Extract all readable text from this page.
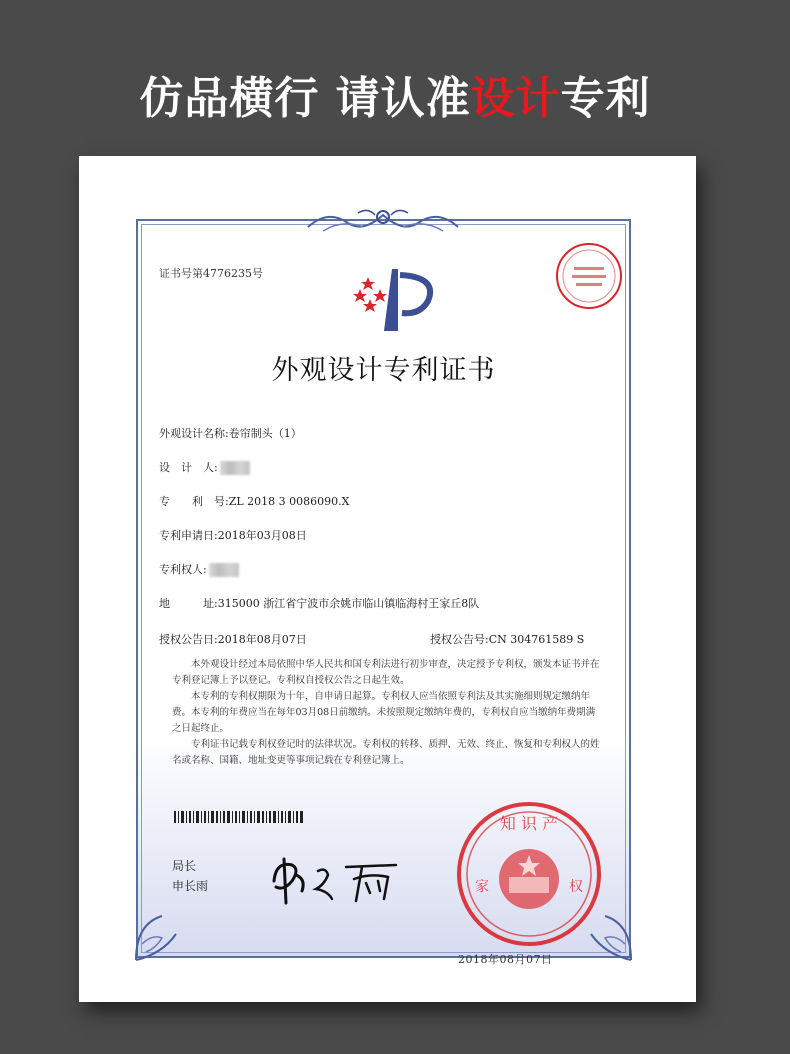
仿品横行 请认准设计专利
证书号第4776235号
外观设计专利证书
外观设计名称:卷帘制头（1）
设　计　人:
专　　利　号:ZL 2018 3 0086090.X
专利申请日:2018年03月08日
专利权人:
地　　　址:315000 浙江省宁波市余姚市临山镇临海村王家丘8队
授权公告日:2018年08月07日	授权公告号:CN 304761589 S

本外观设计经过本局依照中华人民共和国专利法进行初步审查，决定授予专利权，颁发本证书并在专利登记簿上予以登记。专利权自授权公告之日起生效。

本专利的专利权期限为十年，自申请日起算。专利权人应当依照专利法及其实施细则规定缴纳年费。本专利的年费应当在每年03月08日前缴纳。未按照规定缴纳年费的，专利权自应当缴纳年费期满之日起终止。

专利证书记载专利权登记时的法律状况。专利权的转移、质押、无效、终止、恢复和专利权人的姓名或名称、国籍、地址变更等事项记载在专利登记簿上。

局长
申长雨
知 识 产
家	权
2018年08月07日
